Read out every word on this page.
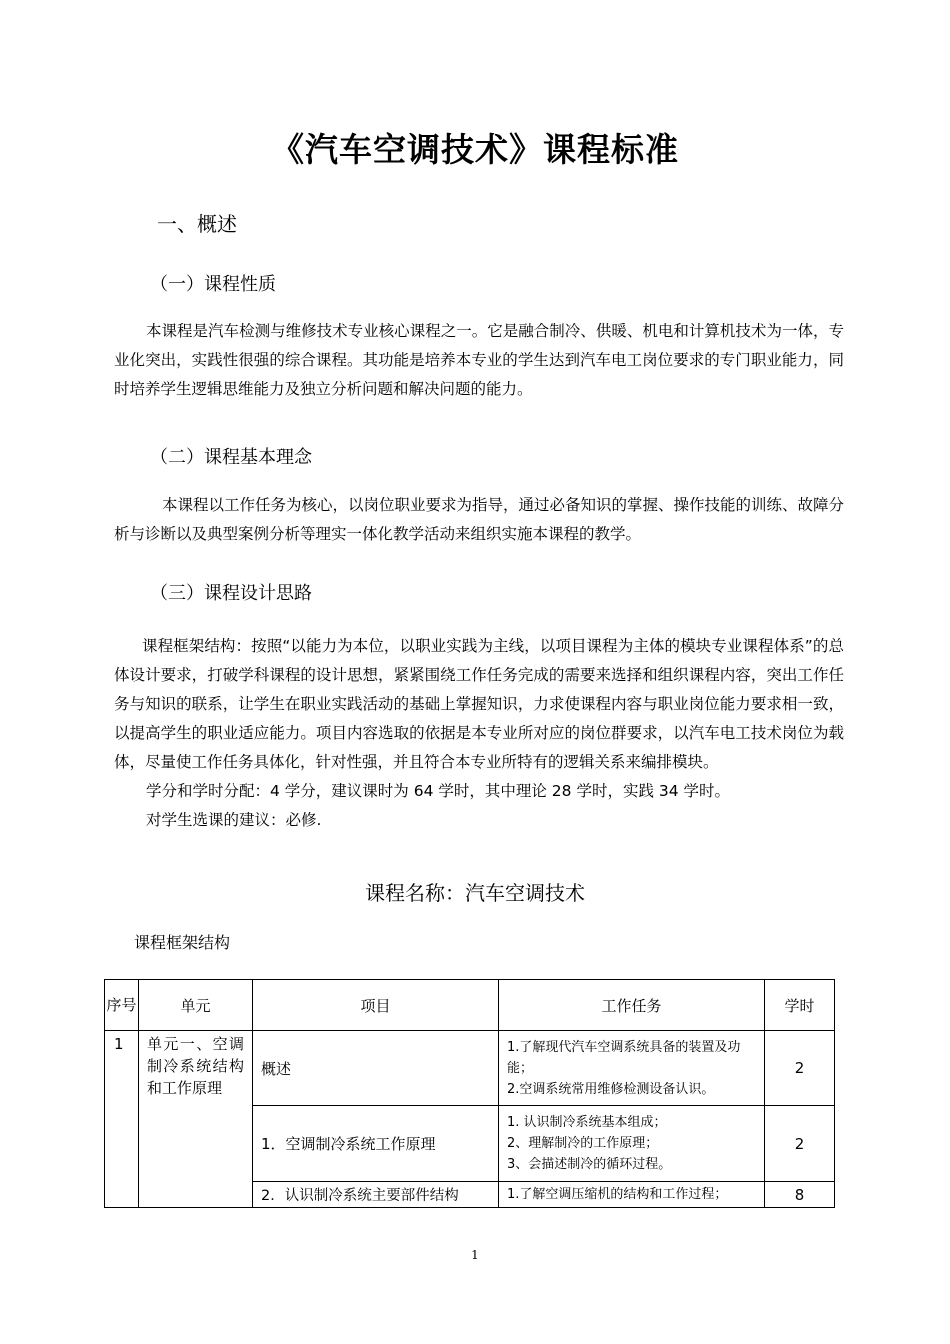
《汽车空调技术》课程标准
一、概述
（一）课程性质

本课程是汽车检测与维修技术专业核心课程之一。它是融合制冷、供暖、机电和计算机技术为一体，专业化突出，实践性很强的综合课程。其功能是培养本专业的学生达到汽车电工岗位要求的专门职业能力，同时培养学生逻辑思维能力及独立分析问题和解决问题的能力。

（二）课程基本理念

本课程以工作任务为核心，以岗位职业要求为指导，通过必备知识的掌握、操作技能的训练、故障分析与诊断以及典型案例分析等理实一体化教学活动来组织实施本课程的教学。

（三）课程设计思路

课程框架结构：按照“以能力为本位，以职业实践为主线，以项目课程为主体的模块专业课程体系”的总体设计要求，打破学科课程的设计思想，紧紧围绕工作任务完成的需要来选择和组织课程内容，突出工作任务与知识的联系，让学生在职业实践活动的基础上掌握知识，力求使课程内容与职业岗位能力要求相一致，以提高学生的职业适应能力。项目内容选取的依据是本专业所对应的岗位群要求，以汽车电工技术岗位为载体，尽量使工作任务具体化，针对性强，并且符合本专业所特有的逻辑关系来编排模块。

学分和学时分配：4 学分，建议课时为 64 学时，其中理论 28 学时，实践 34 学时。

对学生选课的建议：必修.

课程名称：汽车空调技术
课程框架结构
序号	单元	项目	工作任务	学时

1	单元一、空调制冷系统结构和工作原理	概述	1.了解现代汽车空调系统具备的装置及功能；
2.空调系统常用维修检测设备认识。	2
		1．空调制冷系统工作原理	1. 认识制冷系统基本组成；
2、理解制冷的工作原理；
3、会描述制冷的循环过程。	2
		2．认识制冷系统主要部件结构	1.了解空调压缩机的结构和工作过程；	8
1
